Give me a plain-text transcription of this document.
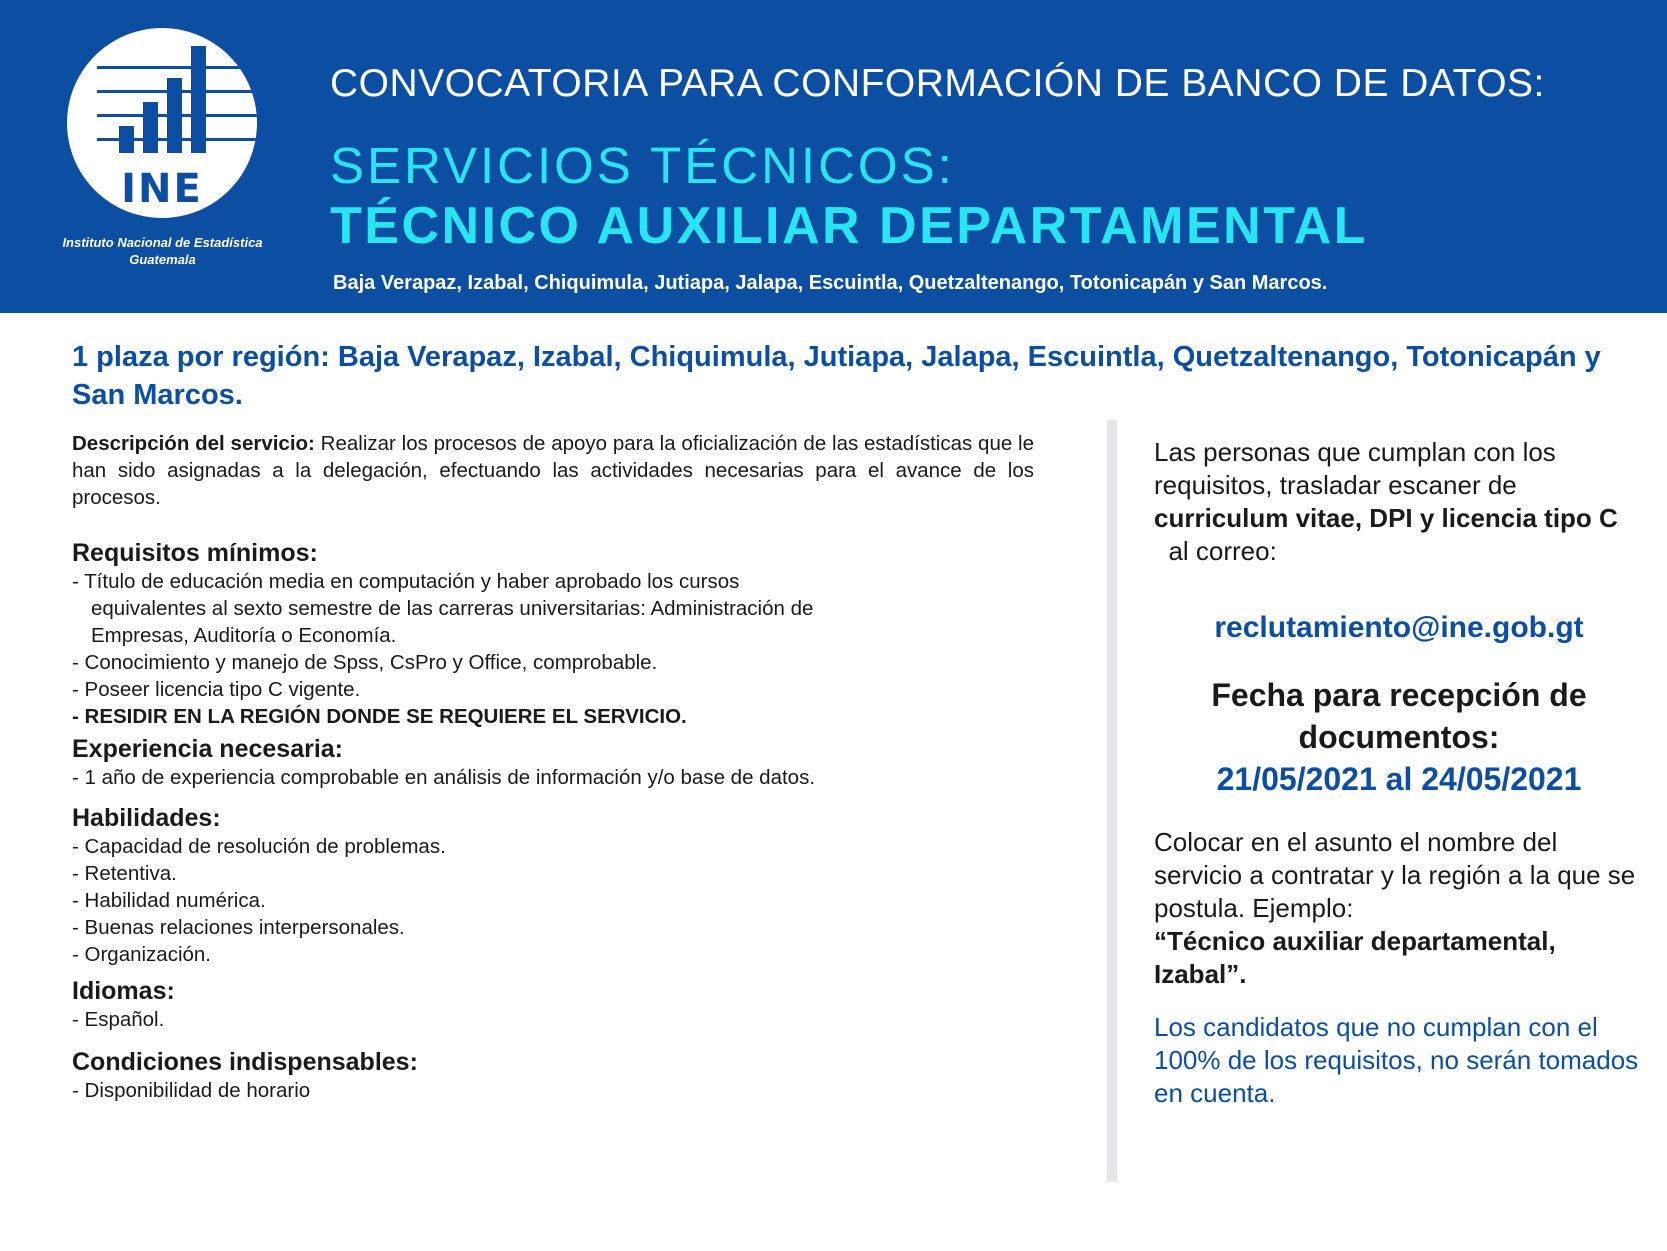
INE
Instituto Nacional de Estadística
Guatemala
CONVOCATORIA PARA CONFORMACIÓN DE BANCO DE DATOS:
SERVICIOS TÉCNICOS:
TÉCNICO AUXILIAR DEPARTAMENTAL
Baja Verapaz, Izabal, Chiquimula, Jutiapa, Jalapa, Escuintla, Quetzaltenango, Totonicapán y San Marcos.
1 plaza por región: Baja Verapaz, Izabal, Chiquimula, Jutiapa, Jalapa, Escuintla, Quetzaltenango, Totonicapán y San Marcos.

Descripción del servicio: Realizar los procesos de apoyo para la oficialización de las estadísticas que le han sido asignadas a la delegación, efectuando las actividades necesarias para el avance de los procesos.

Requisitos mínimos:

- Título de educación media en computación y haber aprobado los cursos

equivalentes al sexto semestre de las carreras universitarias: Administración de

Empresas, Auditoría o Economía.

- Conocimiento y manejo de Spss, CsPro y Office, comprobable.

- Poseer licencia tipo C vigente.

- RESIDIR EN LA REGIÓN DONDE SE REQUIERE EL SERVICIO.

Experiencia necesaria:

- 1 año de experiencia comprobable en análisis de información y/o base de datos.

Habilidades:

- Capacidad de resolución de problemas.

- Retentiva.

- Habilidad numérica.

- Buenas relaciones interpersonales.

- Organización.

Idiomas:

- Español.

Condiciones indispensables:

- Disponibilidad de horario

Las personas que cumplan con los requisitos, trasladar escaner de curriculum vitae, DPI y licencia tipo C  al correo:

reclutamiento@ine.gob.gt

Fecha para recepción de documentos:

21/05/2021 al 24/05/2021

Colocar en el asunto el nombre del servicio a contratar y la región a la que se postula. Ejemplo:

“Técnico auxiliar departamental, Izabal”.

Los candidatos que no cumplan con el 100% de los requisitos, no serán tomados en cuenta.
